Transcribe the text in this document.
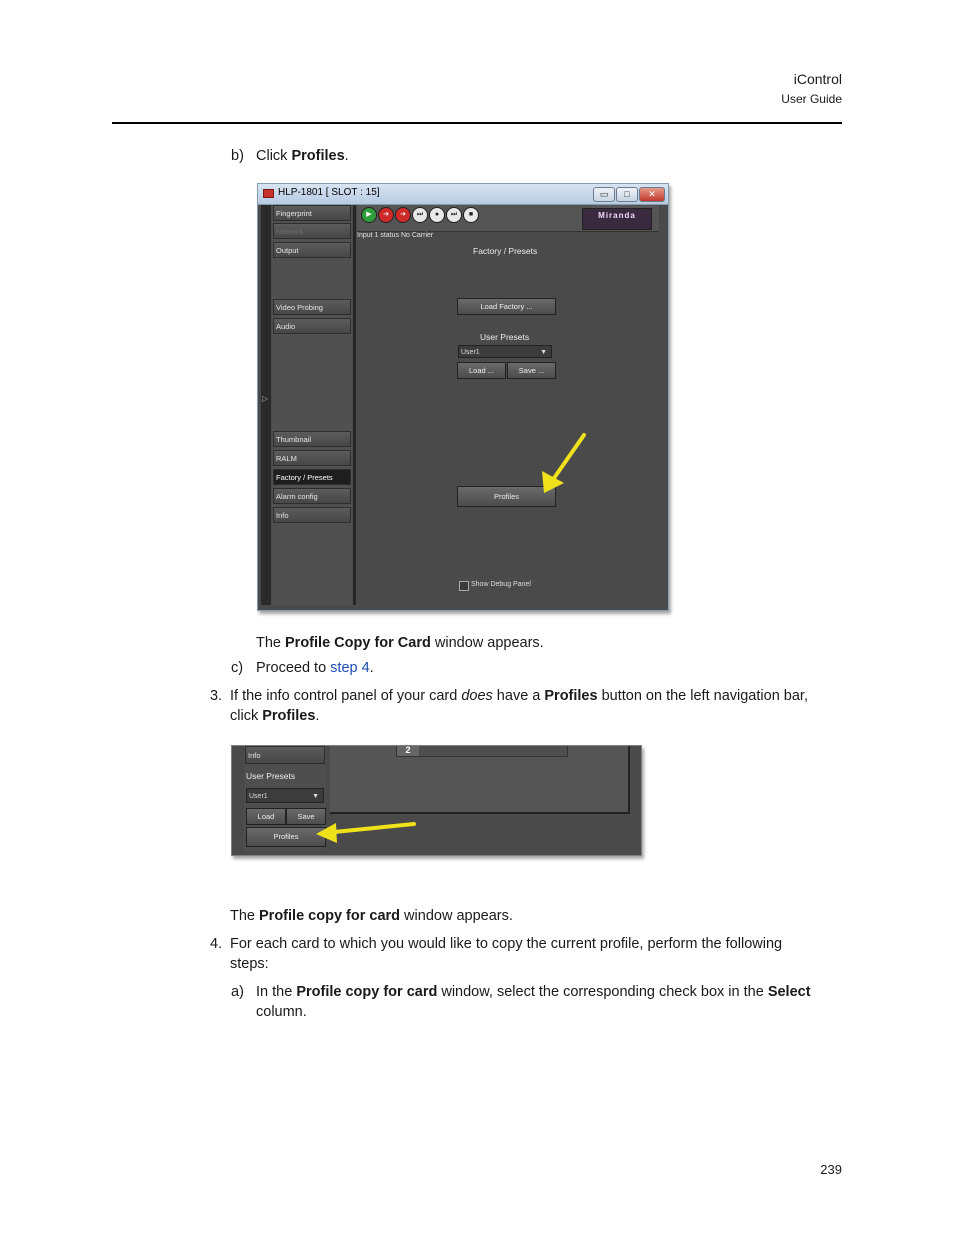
iControl
User Guide
b) Click Profiles.
HLP-1801 [ SLOT : 15]	▭	□	✕
▷
Fingerprint
Network
Output
Video Probing
Audio
Thumbnail
RALM
Factory / Presets
Alarm config
Info
▶	➔	➔	⏭	●	⏭	■	Miranda
Input 1 status No Carrier
Factory / Presets
Load Factory ...
User Presets
User1	▼
Load ...	Save ...
Profiles
Show Debug Panel
The Profile Copy for Card window appears.
c) Proceed to step 4.
3. If the info control panel of your card does have a Profiles button on the left navigation bar,
click Profiles.
2
Info
User Presets
User1	▼
Load	Save
Profiles
The Profile copy for card window appears.
4. For each card to which you would like to copy the current profile, perform the following
steps:
a) In the Profile copy for card window, select the corresponding check box in the Select
column.
239
